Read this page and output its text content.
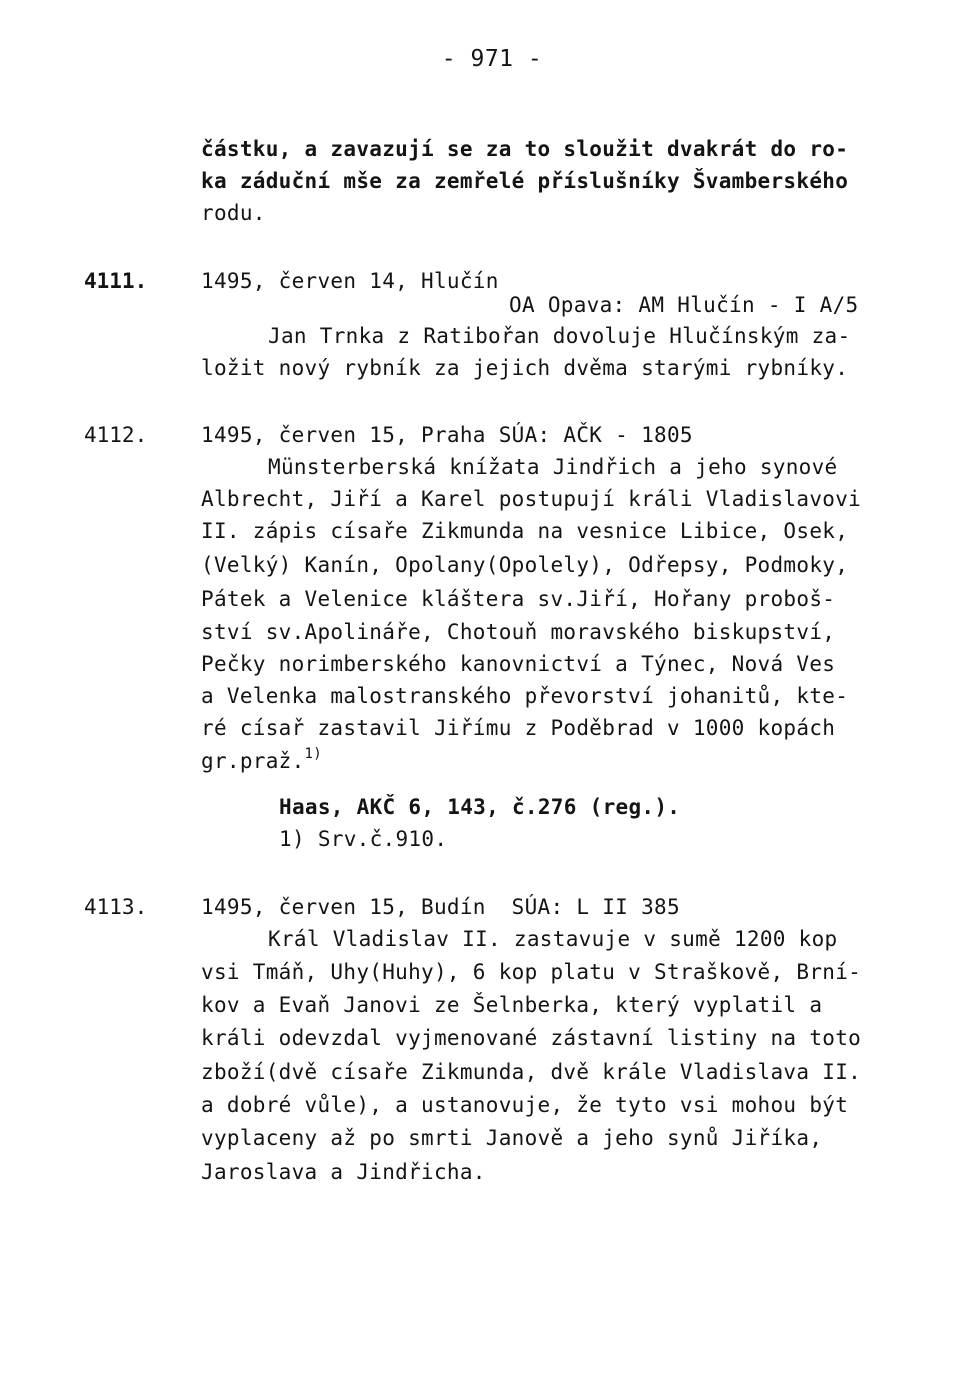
- 971 -
částku, a zavazují se za to sloužit dvakrát do ro-
ka záduční mše za zemřelé příslušníky Švamberského
rodu.
4111.	1495, červen 14, Hlučín
OA Opava: AM Hlučín - I A/5
Jan Trnka z Ratibořan dovoluje Hlučínským za-
ložit nový rybník za jejich dvěma starými rybníky.
4112.	1495, červen 15, Praha SÚA: AČK - 1805
Münsterberská knížata Jindřich a jeho synové
Albrecht, Jiří a Karel postupují králi Vladislavovi
II. zápis císaře Zikmunda na vesnice Libice, Osek,
(Velký) Kanín, Opolany(Opolely), Odřepsy, Podmoky,
Pátek a Velenice kláštera sv.Jiří, Hořany proboš-
ství sv.Apolináře, Chotouň moravského biskupství,
Pečky norimberského kanovnictví a Týnec, Nová Ves
a Velenka malostranského převorství johanitů, kte-
ré císař zastavil Jiřímu z Poděbrad v 1000 kopách
gr.praž.$^{1)}$
Haas, AKČ 6, 143, č.276 (reg.).
1) Srv.č.910.
4113.	1495, červen 15, Budín  SÚA: L II 385
Král Vladislav II. zastavuje v sumě 1200 kop
vsi Tmáň, Uhy(Huhy), 6 kop platu v Straškově, Brní-
kov a Evaň Janovi ze Šelnberka, který vyplatil a
králi odevzdal vyjmenované zástavní listiny na toto
zboží(dvě císaře Zikmunda, dvě krále Vladislava II.
a dobré vůle), a ustanovuje, že tyto vsi mohou být
vyplaceny až po smrti Janově a jeho synů Jiříka,
Jaroslava a Jindřicha.
